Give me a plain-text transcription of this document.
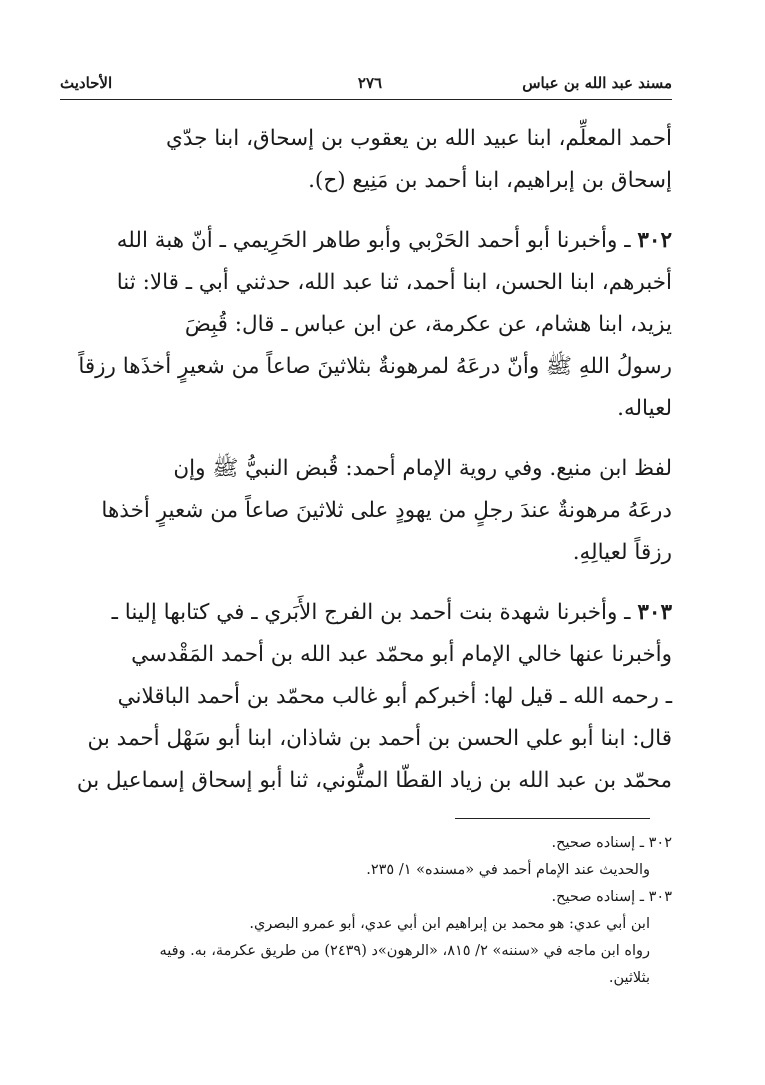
مسند عبد الله بن عباس
٢٧٦
الأحاديث

أحمد المعلِّم، ابنا عبيد الله بن يعقوب بن إسحاق، ابنا جدّي
إسحاق بن إبراهيم، ابنا أحمد بن مَنِيع (ح).

٣٠٢ ـ وأخبرنا أبو أحمد الحَرْبي وأبو طاهر الحَرِيمي ـ أنّ هبة الله
أخبرهم، ابنا الحسن، ابنا أحمد، ثنا عبد الله، حدثني أبي ـ قالا: ثنا
يزيد، ابنا هشام، عن عكرمة، عن ابن عباس ـ قال: قُبِضَ
رسولُ اللهِ ﷺ وأنّ درعَهُ لمرهونةٌ بثلاثينَ صاعاً من شعيرٍ أخذَها رزقاً
لعياله.

لفظ ابن منيع. وفي روية الإمام أحمد: قُبض النبيُّ ﷺ وإن
درعَهُ مرهونةٌ عندَ رجلٍ من يهودٍ على ثلاثينَ صاعاً من شعيرٍ أخذها
رزقاً لعيالِهِ.

٣٠٣ ـ وأخبرنا شهدة بنت أحمد بن الفرج الأَبَري ـ في كتابها إلينا ـ
وأخبرنا عنها خالي الإمام أبو محمّد عبد الله بن أحمد المَقْدسي
ـ رحمه الله ـ قيل لها: أخبركم أبو غالب محمّد بن أحمد الباقلاني
قال: ابنا أبو علي الحسن بن أحمد بن شاذان، ابنا أبو سَهْل أحمد بن
محمّد بن عبد الله بن زياد القطّا المتُّوني، ثنا أبو إسحاق إسماعيل بن

٣٠٢ ـ إسناده صحيح.

والحديث عند الإمام أحمد في «مسنده» ١/ ٢٣٥.

٣٠٣ ـ إسناده صحيح.

ابن أبي عدي: هو محمد بن إبراهيم ابن أبي عدي، أبو عمرو البصري.

رواه ابن ماجه في «سننه» ٢/ ٨١٥، «الرهون»د (٢٤٣٩) من طريق عكرمة، به. وفيه

بثلاثين.
